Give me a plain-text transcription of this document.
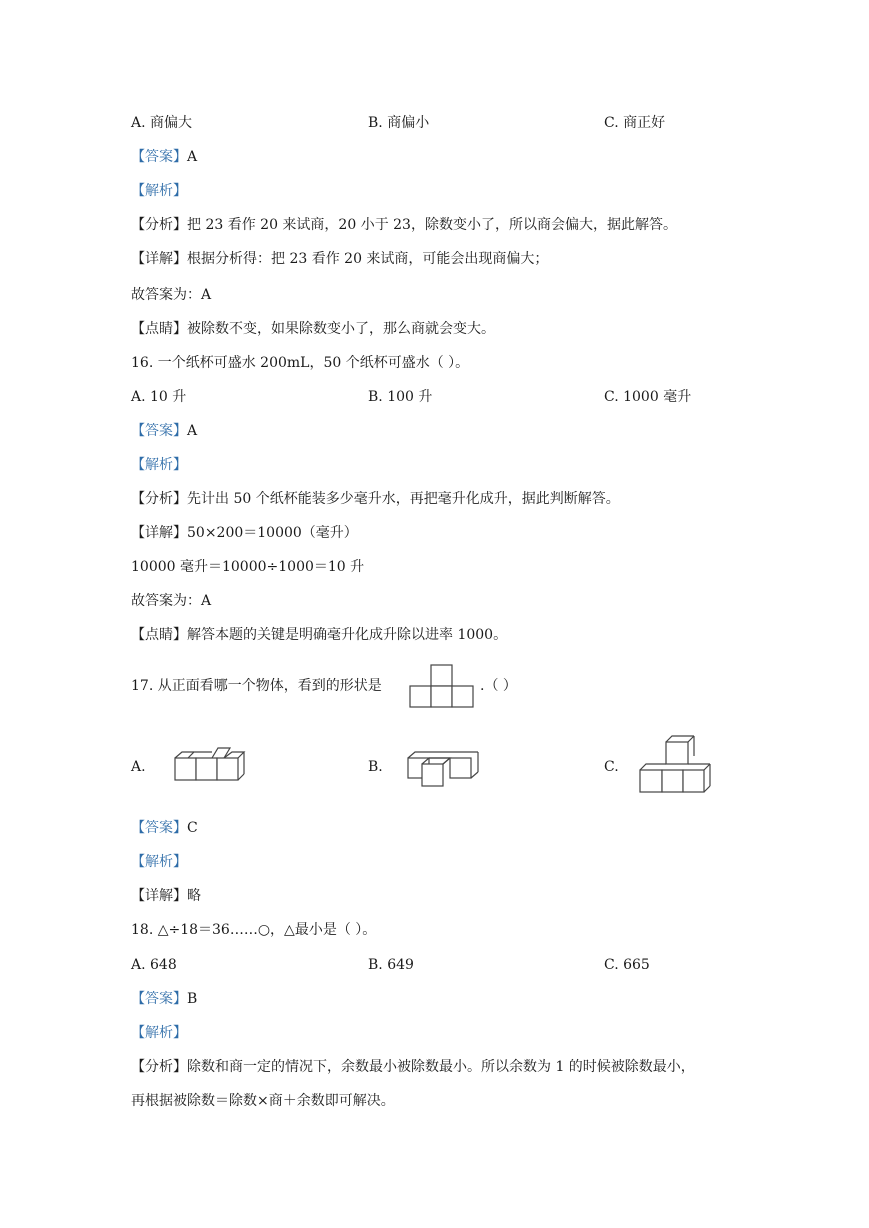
A. 商偏大	B. 商偏小	C. 商正好
【答案】A
【解析】
【分析】把 23 看作 20 来试商，20 小于 23，除数变小了，所以商会偏大，据此解答。
【详解】根据分析得：把 23 看作 20 来试商，可能会出现商偏大；
故答案为：A
【点睛】被除数不变，如果除数变小了，那么商就会变大。
16. 一个纸杯可盛水 200mL，50 个纸杯可盛水（ ）。
A. 10 升	B. 100 升	C. 1000 毫升
【答案】A
【解析】
【分析】先计出 50 个纸杯能装多少毫升水，再把毫升化成升，据此判断解答。
【详解】50×200＝10000（毫升）
10000 毫升＝10000÷1000＝10 升
故答案为：A
【点睛】解答本题的关键是明确毫升化成升除以进率 1000。
17. 从正面看哪一个物体，看到的形状是	.（ ）
A.	B.	C.
【答案】C
【解析】
【详解】略
18. △÷18＝36……○，△最小是（ ）。
A. 648	B. 649	C. 665
【答案】B
【解析】
【分析】除数和商一定的情况下，余数最小被除数最小。所以余数为 1 的时候被除数最小，
再根据被除数＝除数×商＋余数即可解决。
